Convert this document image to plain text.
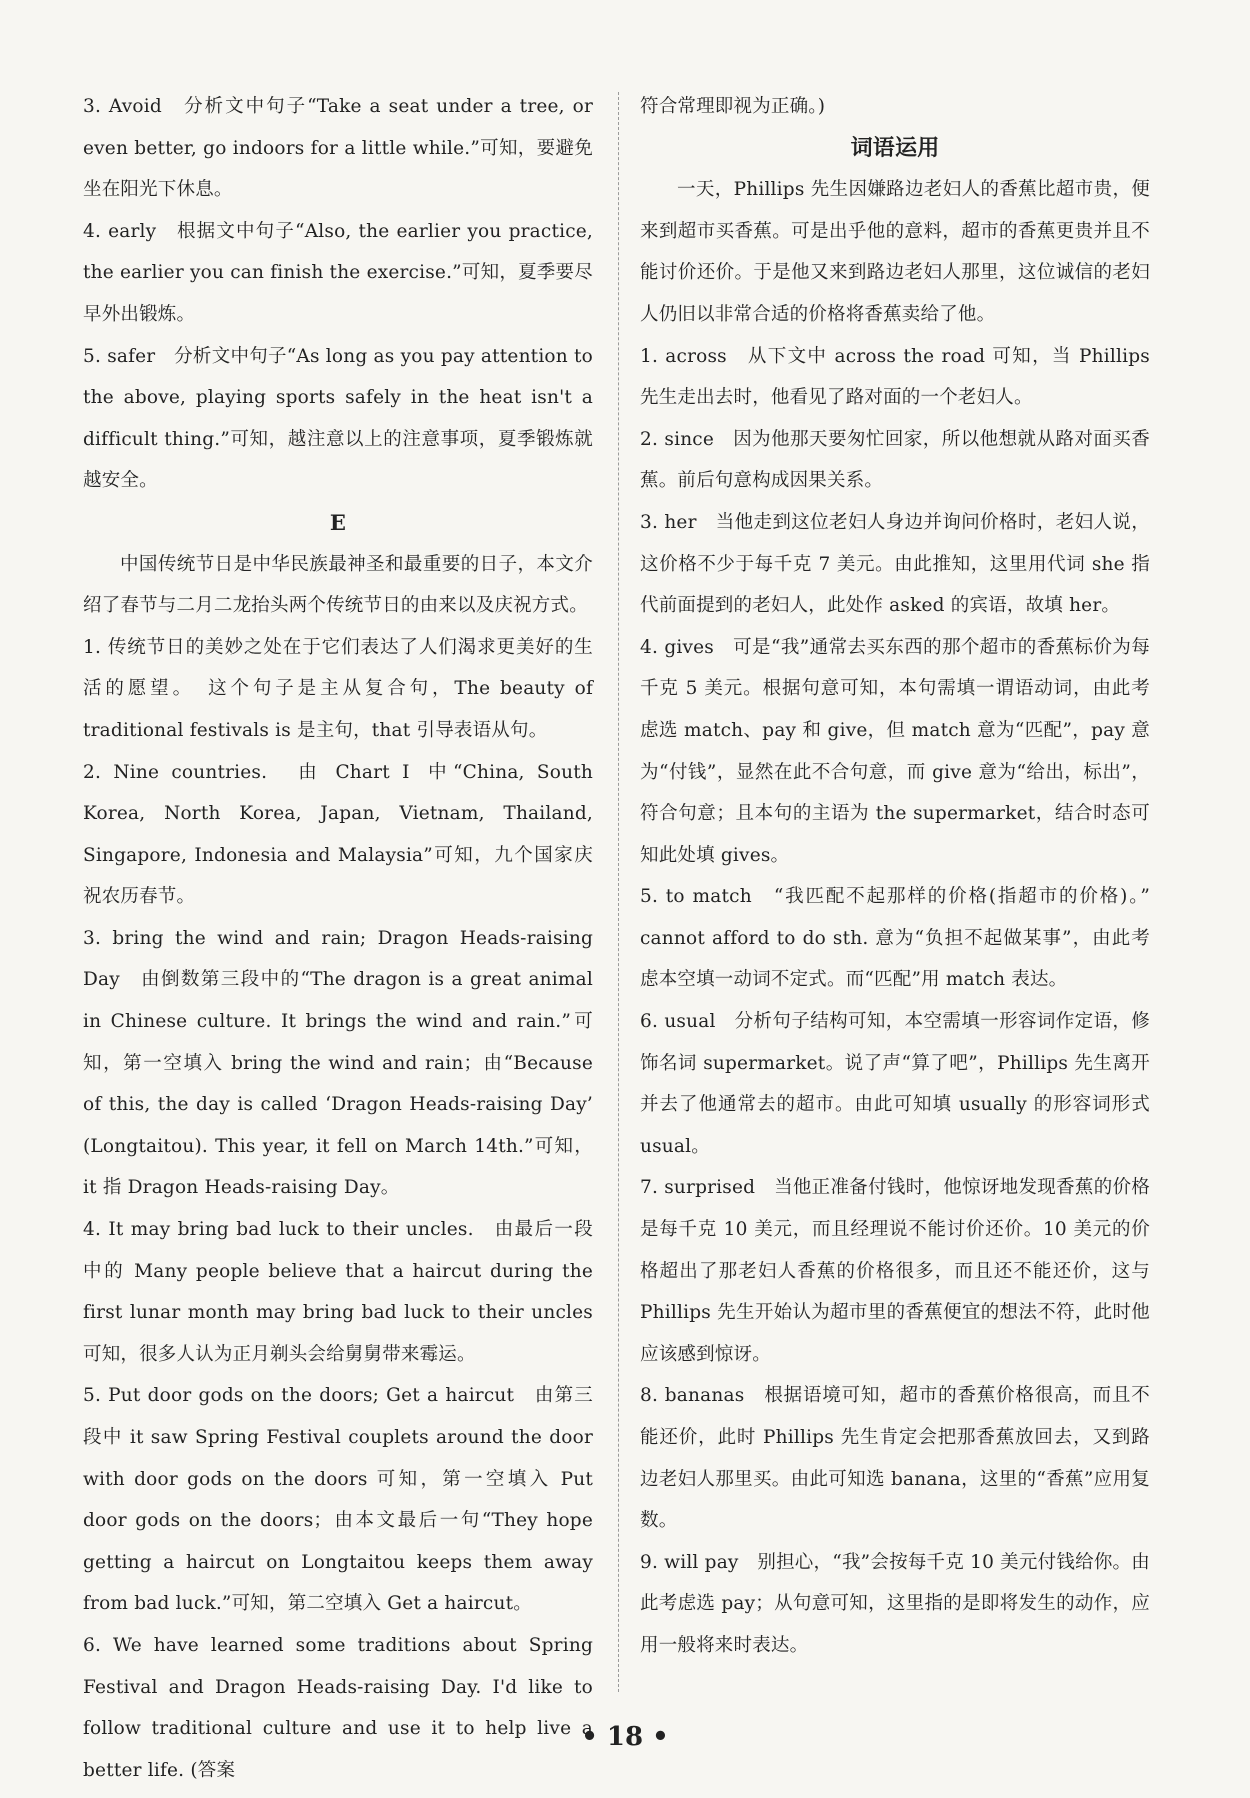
3. Avoid　分析文中句子“Take a seat under a tree, or even better, go indoors for a little while.”可知，要避免坐在阳光下休息。

4. early　根据文中句子“Also, the earlier you practice, the earlier you can finish the exercise.”可知，夏季要尽早外出锻炼。

5. safer　分析文中句子“As long as you pay attention to the above, playing sports safely in the heat isn't a difficult thing.”可知，越注意以上的注意事项，夏季锻炼就越安全。

E

中国传统节日是中华民族最神圣和最重要的日子，本文介绍了春节与二月二龙抬头两个传统节日的由来以及庆祝方式。

1. 传统节日的美妙之处在于它们表达了人们渴求更美好的生活的愿望。　这个句子是主从复合句，The beauty of traditional festivals is 是主句，that 引导表语从句。

2. Nine countries.　由 Chart Ⅰ 中“China, South Korea, North Korea, Japan, Vietnam, Thailand, Singapore, Indonesia and Malaysia”可知，九个国家庆祝农历春节。

3. bring the wind and rain; Dragon Heads-raising Day　由倒数第三段中的“The dragon is a great animal in Chinese culture. It brings the wind and rain.”可知，第一空填入 bring the wind and rain；由“Because of this, the day is called ‘Dragon Heads-raising Day’ (Longtaitou). This year, it fell on March 14th.”可知，it 指 Dragon Heads-raising Day。

4. It may bring bad luck to their uncles.　由最后一段中的 Many people believe that a haircut during the first lunar month may bring bad luck to their uncles 可知，很多人认为正月剃头会给舅舅带来霉运。

5. Put door gods on the doors; Get a haircut　由第三段中 it saw Spring Festival couplets around the door with door gods on the doors 可知，第一空填入 Put door gods on the doors；由本文最后一句“They hope getting a haircut on Longtaitou keeps them away from bad luck.”可知，第二空填入 Get a haircut。

6. We have learned some traditions about Spring Festival and Dragon Heads-raising Day. I'd like to follow traditional culture and use it to help live a better life. (答案

符合常理即视为正确。)

词语运用

一天，Phillips 先生因嫌路边老妇人的香蕉比超市贵，便来到超市买香蕉。可是出乎他的意料，超市的香蕉更贵并且不能讨价还价。于是他又来到路边老妇人那里，这位诚信的老妇人仍旧以非常合适的价格将香蕉卖给了他。

1. across　从下文中 across the road 可知，当 Phillips 先生走出去时，他看见了路对面的一个老妇人。

2. since　因为他那天要匆忙回家，所以他想就从路对面买香蕉。前后句意构成因果关系。

3. her　当他走到这位老妇人身边并询问价格时，老妇人说，这价格不少于每千克 7 美元。由此推知，这里用代词 she 指代前面提到的老妇人，此处作 asked 的宾语，故填 her。

4. gives　可是“我”通常去买东西的那个超市的香蕉标价为每千克 5 美元。根据句意可知，本句需填一谓语动词，由此考虑选 match、pay 和 give，但 match 意为“匹配”，pay 意为“付钱”，显然在此不合句意，而 give 意为“给出，标出”，符合句意；且本句的主语为 the supermarket，结合时态可知此处填 gives。

5. to match　“我匹配不起那样的价格(指超市的价格)。” cannot afford to do sth. 意为“负担不起做某事”，由此考虑本空填一动词不定式。而“匹配”用 match 表达。

6. usual　分析句子结构可知，本空需填一形容词作定语，修饰名词 supermarket。说了声“算了吧”，Phillips 先生离开并去了他通常去的超市。由此可知填 usually 的形容词形式 usual。

7. surprised　当他正准备付钱时，他惊讶地发现香蕉的价格是每千克 10 美元，而且经理说不能讨价还价。10 美元的价格超出了那老妇人香蕉的价格很多，而且还不能还价，这与 Phillips 先生开始认为超市里的香蕉便宜的想法不符，此时他应该感到惊讶。

8. bananas　根据语境可知，超市的香蕉价格很高，而且不能还价，此时 Phillips 先生肯定会把那香蕉放回去，又到路边老妇人那里买。由此可知选 banana，这里的“香蕉”应用复数。

9. will pay　别担心，“我”会按每千克 10 美元付钱给你。由此考虑选 pay；从句意可知，这里指的是即将发生的动作，应用一般将来时表达。

• 18 •
